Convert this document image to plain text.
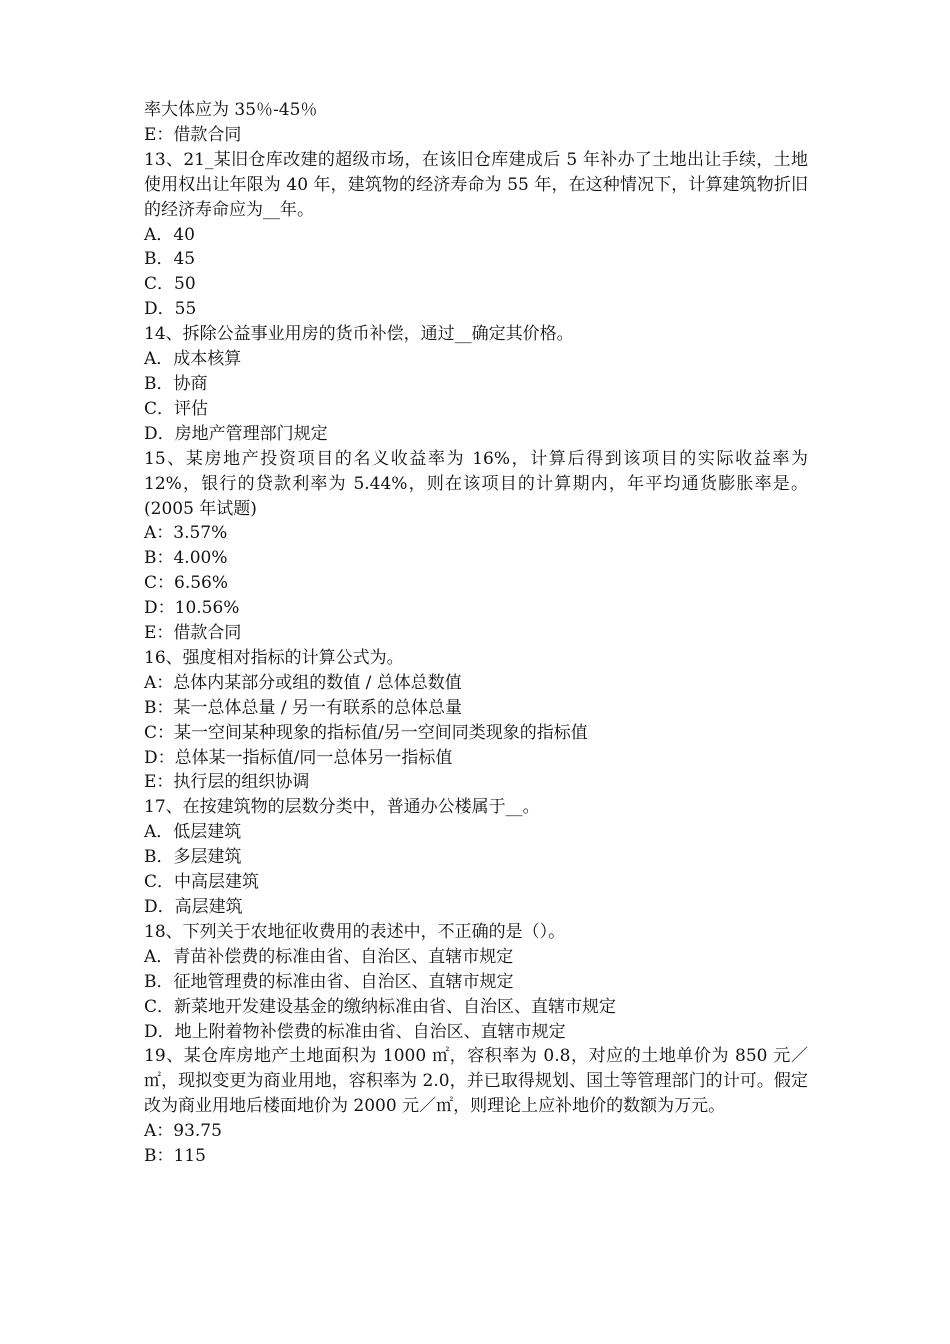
率大体应为 35％-45％
E：借款合同
13、21_某旧仓库改建的超级市场，在该旧仓库建成后 5 年补办了土地出让手续，土地使用权出让年限为 40 年，建筑物的经济寿命为 55 年，在这种情况下，计算建筑物折旧的经济寿命应为__年。
A．40
B．45
C．50
D．55
14、拆除公益事业用房的货币补偿，通过__确定其价格。
A．成本核算
B．协商
C．评估
D．房地产管理部门规定
15、某房地产投资项目的名义收益率为 16%，计算后得到该项目的实际收益率为 12%，银行的贷款利率为 5.44%，则在该项目的计算期内，年平均通货膨胀率是。(2005 年试题)
A：3.57%
B：4.00%
C：6.56%
D：10.56%
E：借款合同
16、强度相对指标的计算公式为。
A：总体内某部分或组的数值 / 总体总数值
B：某一总体总量 / 另一有联系的总体总量
C：某一空间某种现象的指标值/另一空间同类现象的指标值
D：总体某一指标值/同一总体另一指标值
E：执行层的组织协调
17、在按建筑物的层数分类中，普通办公楼属于__。
A．低层建筑
B．多层建筑
C．中高层建筑
D．高层建筑
18、下列关于农地征收费用的表述中，不正确的是（）。
A．青苗补偿费的标准由省、自治区、直辖市规定
B．征地管理费的标准由省、自治区、直辖市规定
C．新菜地开发建设基金的缴纳标准由省、自治区、直辖市规定
D．地上附着物补偿费的标准由省、自治区、直辖市规定
19、某仓库房地产土地面积为 1000 ㎡，容积率为 0.8，对应的土地单价为 850 元／㎡，现拟变更为商业用地，容积率为 2.0，并已取得规划、国土等管理部门的计可。假定改为商业用地后楼面地价为 2000 元／㎡，则理论上应补地价的数额为万元。
A：93.75
B：115
